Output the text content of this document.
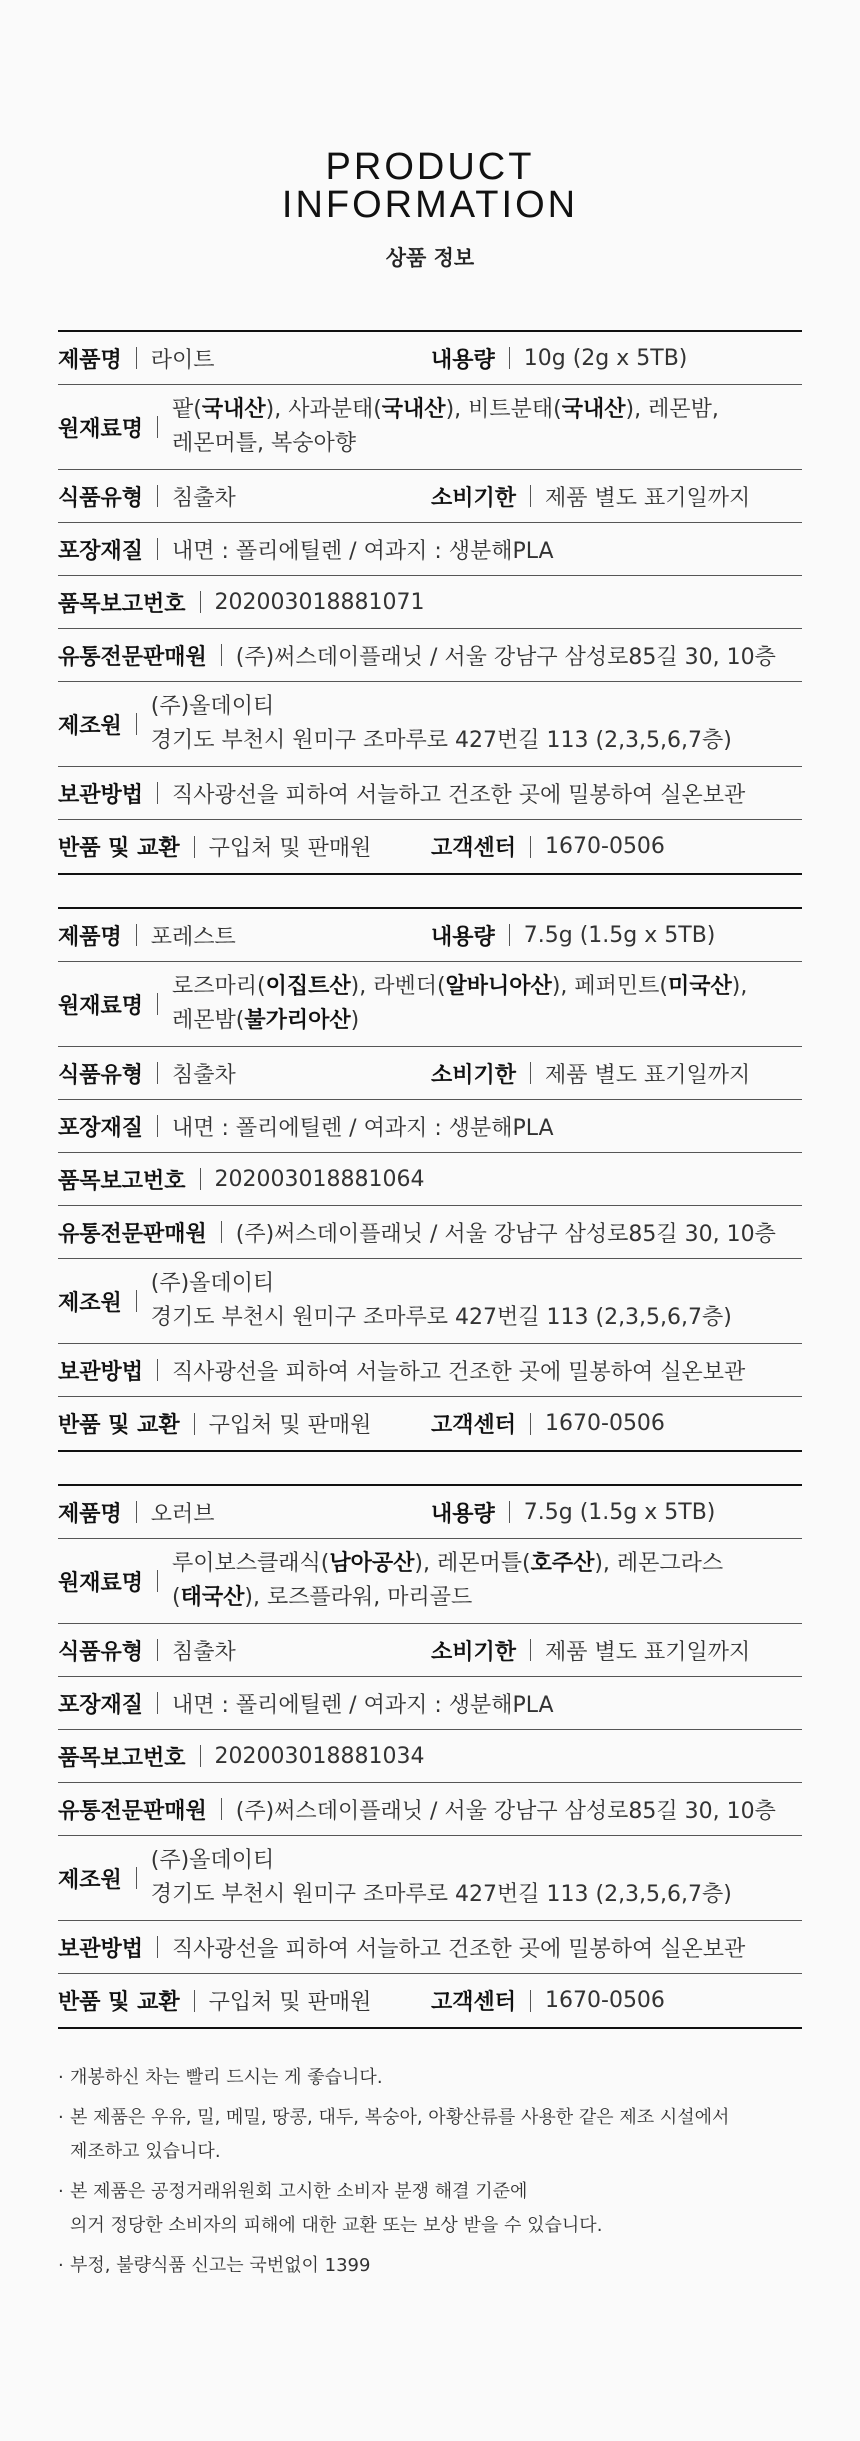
PRODUCT
INFORMATION
상품 정보
제품명 라이트	내용량 10g (2g x 5TB)
원재료명
팥(국내산), 사과분태(국내산), 비트분태(국내산), 레몬밤,
레몬머틀, 복숭아향
식품유형 침출차	소비기한 제품 별도 표기일까지
포장재질 내면 : 폴리에틸렌 / 여과지 : 생분해PLA
품목보고번호 202003018881071
유통전문판매원 (주)써스데이플래닛 / 서울 강남구 삼성로85길 30, 10층
제조원
(주)올데이티
경기도 부천시 원미구 조마루로 427번길 113 (2,3,5,6,7층)
보관방법 직사광선을 피하여 서늘하고 건조한 곳에 밀봉하여 실온보관
반품 및 교환 구입처 및 판매원	고객센터 1670-0506
제품명 포레스트	내용량 7.5g (1.5g x 5TB)
원재료명
로즈마리(이집트산), 라벤더(알바니아산), 페퍼민트(미국산),
레몬밤(불가리아산)
식품유형 침출차	소비기한 제품 별도 표기일까지
포장재질 내면 : 폴리에틸렌 / 여과지 : 생분해PLA
품목보고번호 202003018881064
유통전문판매원 (주)써스데이플래닛 / 서울 강남구 삼성로85길 30, 10층
제조원
(주)올데이티
경기도 부천시 원미구 조마루로 427번길 113 (2,3,5,6,7층)
보관방법 직사광선을 피하여 서늘하고 건조한 곳에 밀봉하여 실온보관
반품 및 교환 구입처 및 판매원	고객센터 1670-0506
제품명 오러브	내용량 7.5g (1.5g x 5TB)
원재료명
루이보스클래식(남아공산), 레몬머틀(호주산), 레몬그라스
(태국산), 로즈플라워, 마리골드
식품유형 침출차	소비기한 제품 별도 표기일까지
포장재질 내면 : 폴리에틸렌 / 여과지 : 생분해PLA
품목보고번호 202003018881034
유통전문판매원 (주)써스데이플래닛 / 서울 강남구 삼성로85길 30, 10층
제조원
(주)올데이티
경기도 부천시 원미구 조마루로 427번길 113 (2,3,5,6,7층)
보관방법 직사광선을 피하여 서늘하고 건조한 곳에 밀봉하여 실온보관
반품 및 교환 구입처 및 판매원	고객센터 1670-0506
· 개봉하신 차는 빨리 드시는 게 좋습니다.
· 본 제품은 우유, 밀, 메밀, 땅콩, 대두, 복숭아, 아황산류를 사용한 같은 제조 시설에서
제조하고 있습니다.
· 본 제품은 공정거래위원회 고시한 소비자 분쟁 해결 기준에
의거 정당한 소비자의 피해에 대한 교환 또는 보상 받을 수 있습니다.
· 부정, 불량식품 신고는 국번없이 1399
